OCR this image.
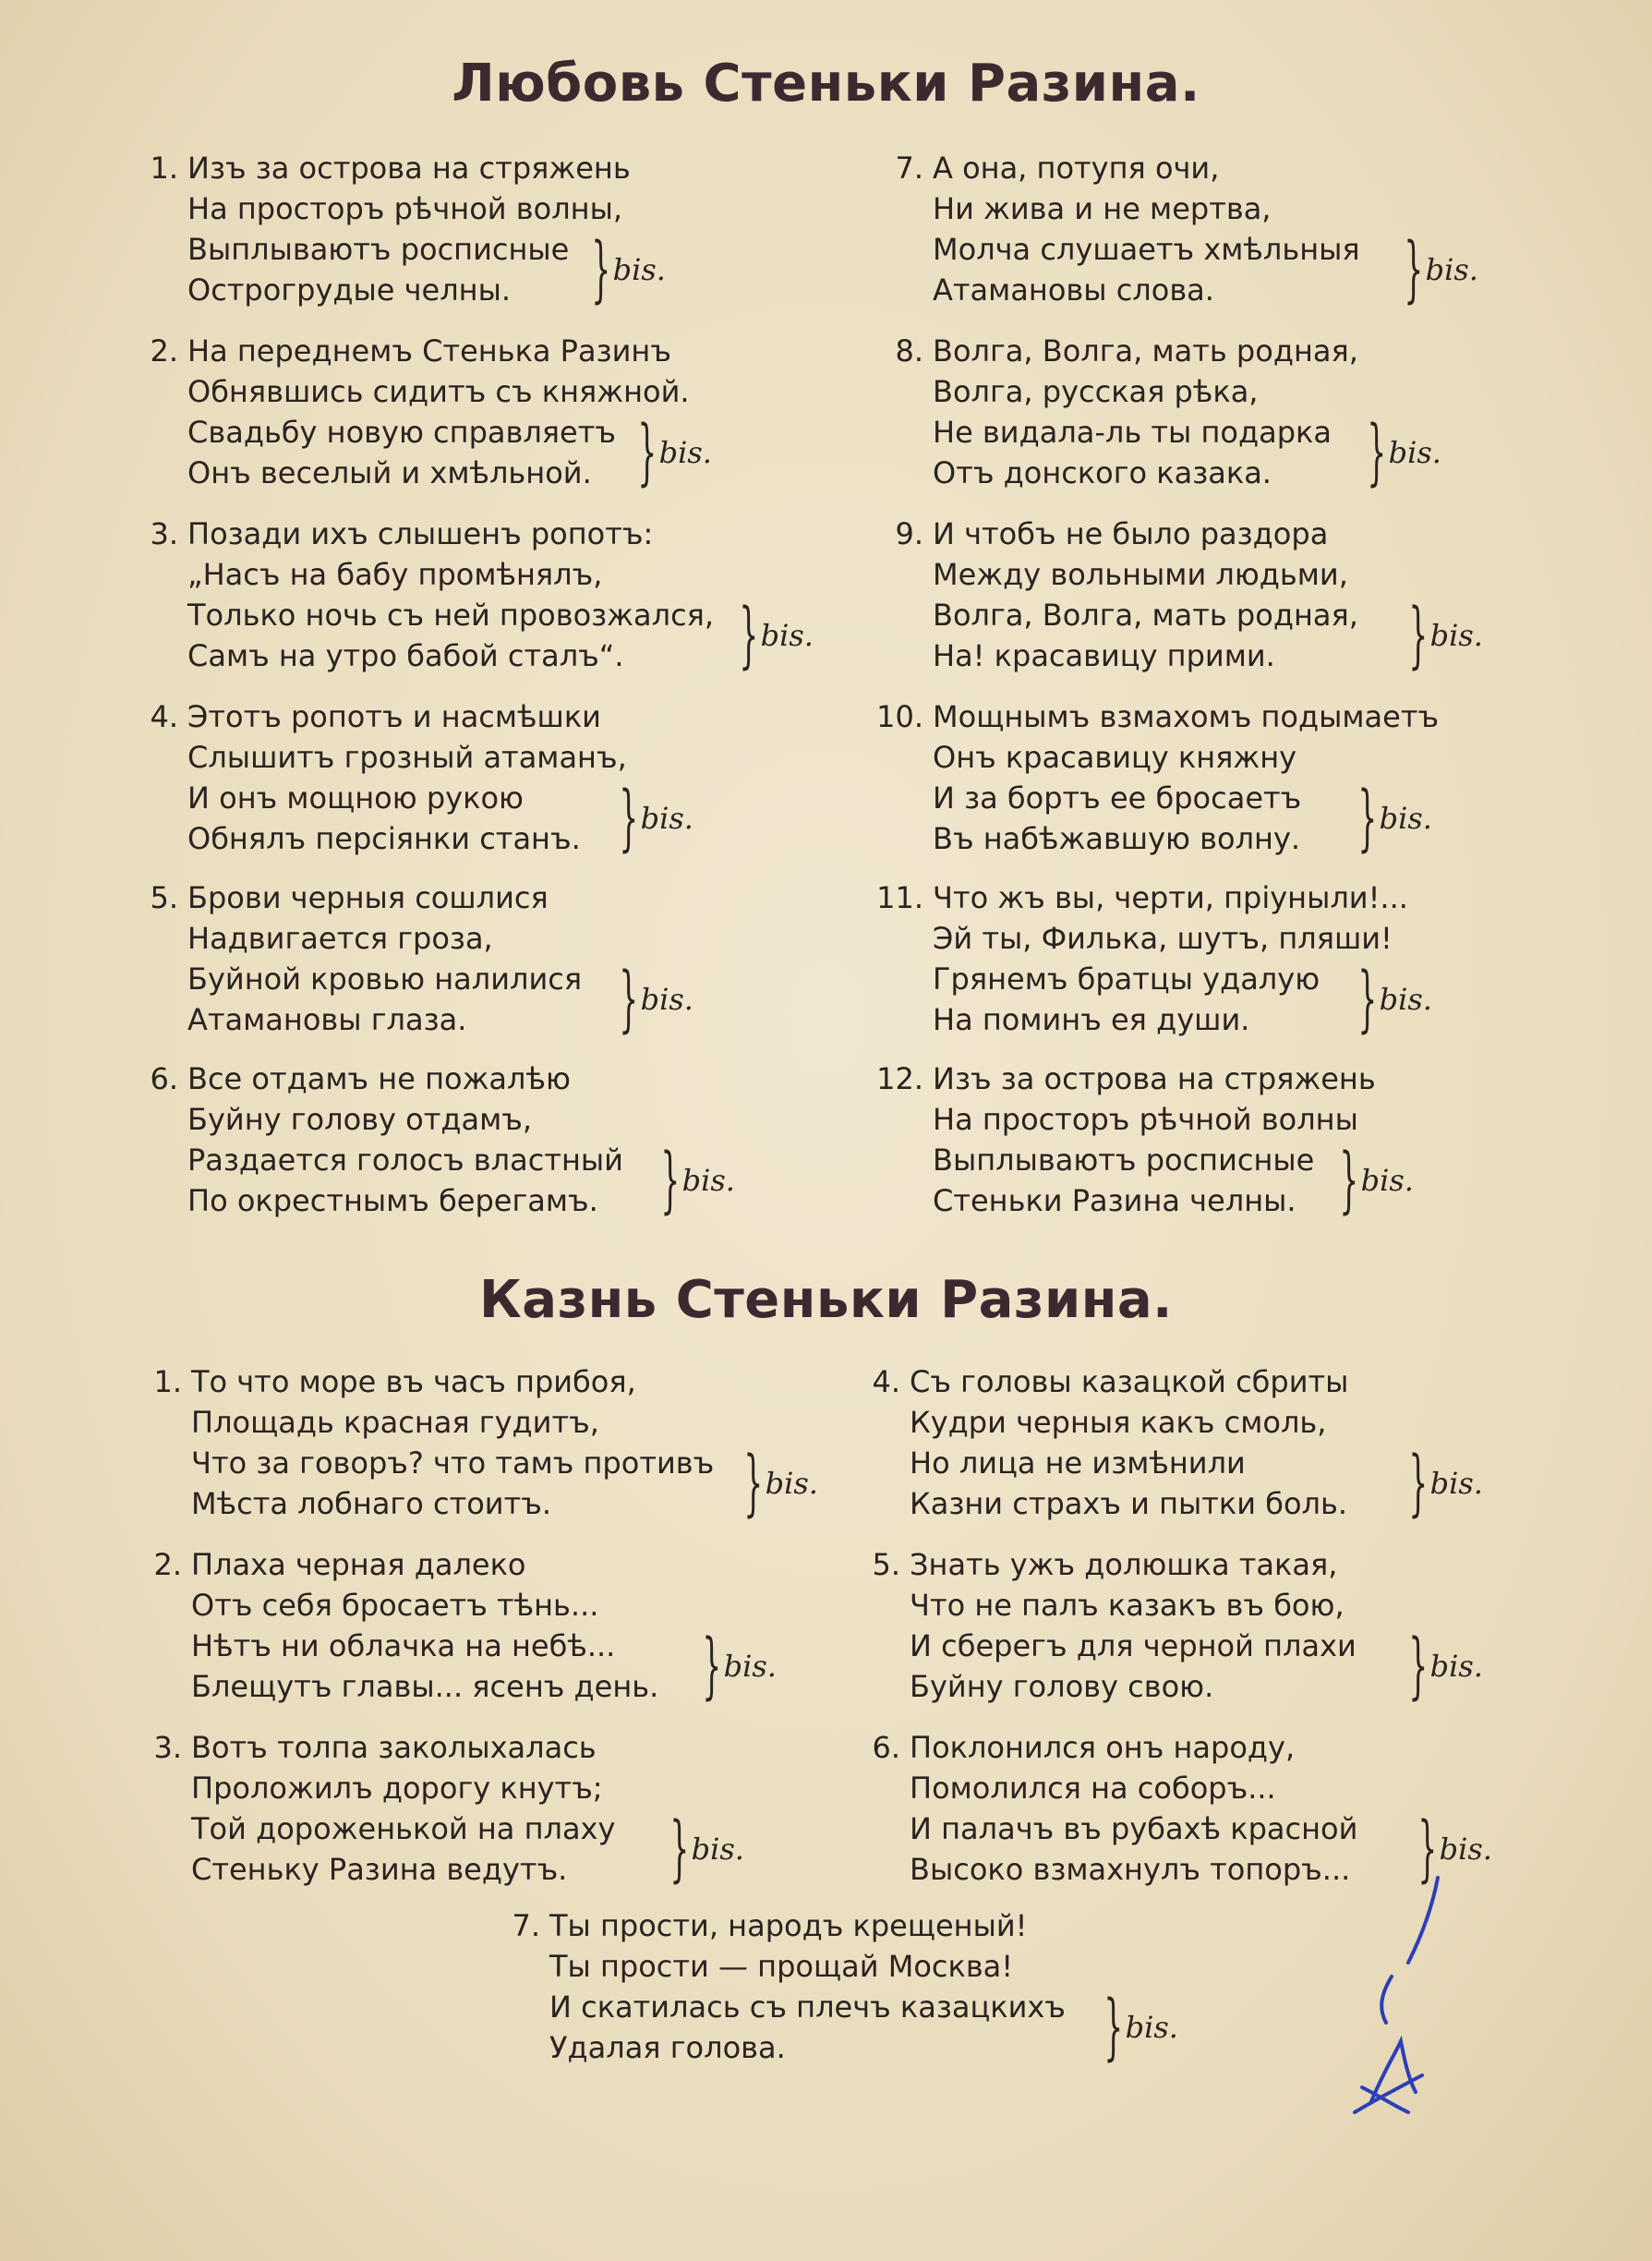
Любовь Стеньки Разина.
Казнь Стеньки Разина.
1. Изъ за острова на стряжень
На просторъ рѣчной волны,
Выплываютъ росписные
Острогрудые челны.	} bis.
2. На переднемъ Стенька Разинъ
Обнявшись сидитъ съ княжной.
Свадьбу новую справляетъ
Онъ веселый и хмѣльной. } bis.
3. Позади ихъ слышенъ ропотъ:
„Насъ на бабу промѣнялъ,
Только ночь съ ней провозжался,
Самъ на утро бабой сталъ“.	} bis.
4. Этотъ ропотъ и насмѣшки
Слышитъ грозный атаманъ,
И онъ мощною рукою
Обнялъ персіянки станъ. } bis.
5. Брови черныя сошлися
Надвигается гроза,
Буйной кровью налилися
Атамановы глаза.	} bis.
6. Все отдамъ не пожалѣю
Буйну голову отдамъ,
Раздается голосъ властный
По окрестнымъ берегамъ. } bis.
7. А она, потупя очи,
Ни жива и не мертва,
Молча слушаетъ хмѣльныя
Атамановы слова.	} bis.
8. Волга, Волга, мать родная,
Волга, русская рѣка,
Не видала-ль ты подарка
Отъ донского казака.	} bis.
9. И чтобъ не было раздора
Между вольными людьми,
Волга, Волга, мать родная,
На! красавицу прими.	} bis.
10. Мощнымъ взмахомъ подымаетъ
Онъ красавицу княжну
И за бортъ ее бросаетъ
Въ набѣжавшую волну. } bis.
11. Что жъ вы, черти, пріуныли!...
Эй ты, Филька, шутъ, пляши!
Грянемъ братцы удалую
На поминъ ея души.	} bis.
12. Изъ за острова на стряжень
На просторъ рѣчной волны
Выплываютъ росписные
Стеньки Разина челны. } bis.
1. То что море въ часъ прибоя,
Площадь красная гудитъ,
Что за говоръ? что тамъ противъ
Мѣста лобнаго стоитъ.	} bis.
2. Плаха черная далеко
Отъ себя бросаетъ тѣнь...
Нѣтъ ни облачка на небѣ...
Блещутъ главы... ясенъ день. } bis.
3. Вотъ толпа заколыхалась
Проложилъ дорогу кнутъ;
Той дороженькой на плаху
Стеньку Разина ведутъ.	} bis.
4. Съ головы казацкой сбриты
Кудри черныя какъ смоль,
Но лица не измѣнили
Казни страхъ и пытки боль. } bis.
5. Знать ужъ долюшка такая,
Что не палъ казакъ въ бою,
И сберегъ для черной плахи
Буйну голову свою.	} bis.
6. Поклонился онъ народу,
Помолился на соборъ...
И палачъ въ рубахѣ красной
Высоко взмахнулъ топоръ... } bis.
7. Ты прости, народъ крещеный!
Ты прости — прощай Москва!
И скатилась съ плечъ казацкихъ
Удалая голова.	} bis.
